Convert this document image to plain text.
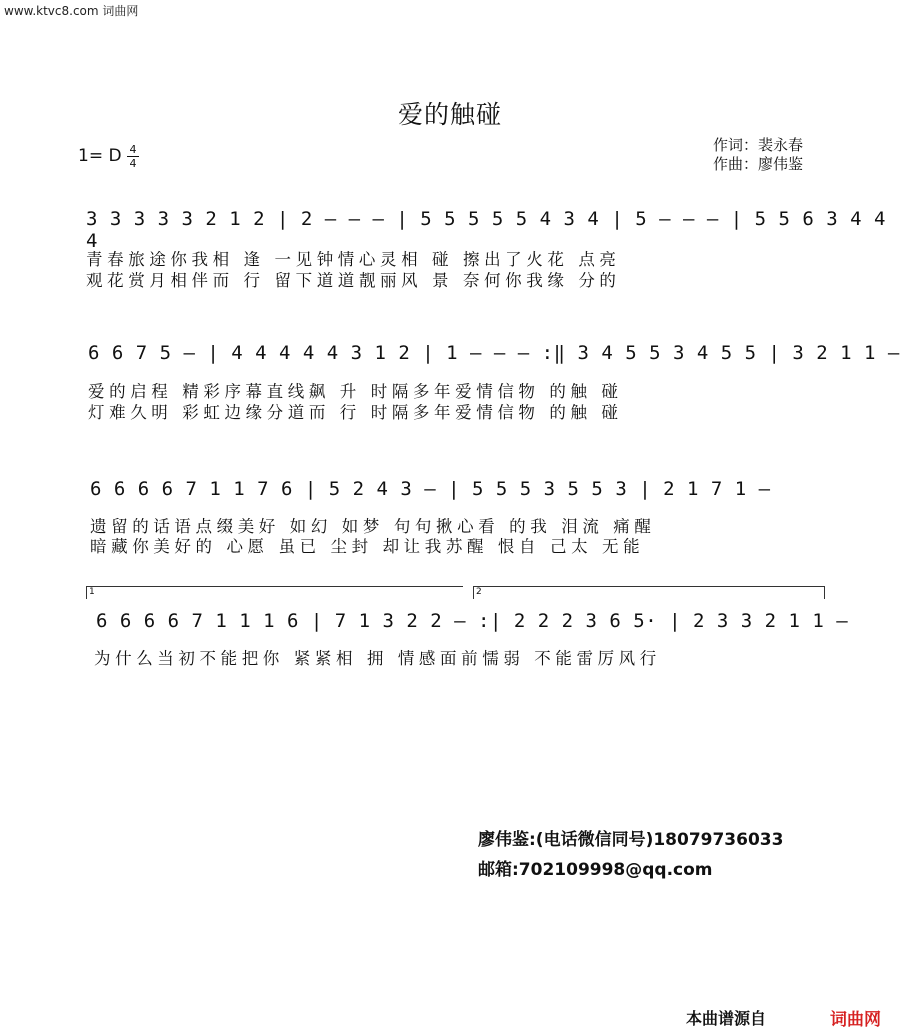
www.ktvc8.com 词曲网
爱的触碰
作词：裴永春
作曲：廖伟鉴
1= D 4
4
3 3 3 3 3 2 1 2 | 2 — — — | 5 5 5 5 5 4 3 4 | 5 — — — | 5 5 6 3 4 4 4
青春旅途你我相 逢 一见钟情心灵相 碰 擦出了火花 点亮
观花赏月相伴而 行 留下道道靓丽风 景 奈何你我缘 分的
6 6 7 5 — | 4 4 4 4 4 3 1 2 | 1 — — — :‖ 3 4 5 5 3 4 5 5 | 3 2 1 1 —
爱的启程 精彩序幕直线飙 升 时隔多年爱情信物 的触 碰
灯难久明 彩虹边缘分道而 行 时隔多年爱情信物 的触 碰
6 6 6 6 7 1 1 7 6 | 5 2 4 3 — | 5 5 5 3 5 5 3 | 2 1 7 1 —
遗留的话语点缀美好 如幻 如梦 句句揪心看 的我 泪流 痛醒
暗藏你美好的 心愿 虽已 尘封 却让我苏醒 恨自 己太 无能
1	2
6 6 6 6 7 1 1 1 6 | 7 1 3 2 2 — :| 2 2 2 3 6 5· | 2 3 3 2 1 1 —
为什么当初不能把你 紧紧相 拥 情感面前懦弱 不能雷厉风行
廖伟鉴:(电话微信同号)18079736033
邮箱:702109998@qq.com
本曲谱源自	词曲网
